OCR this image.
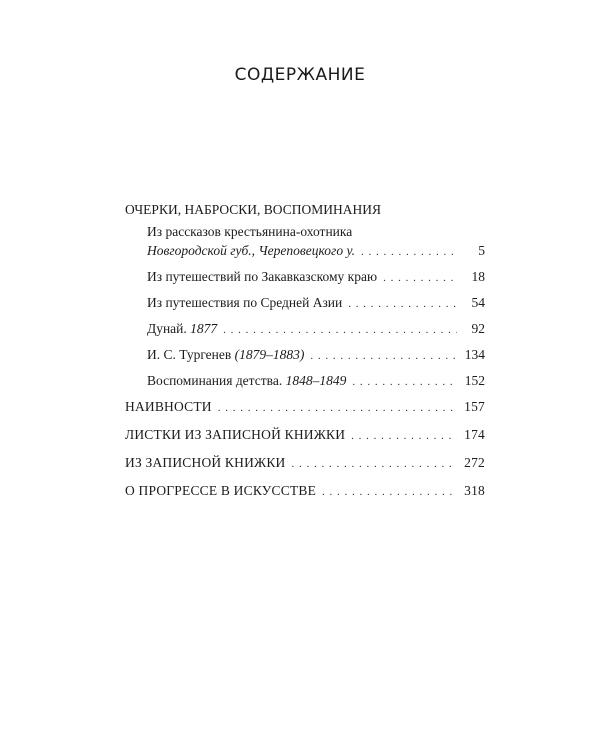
СОДЕРЖАНИЕ
ОЧЕРКИ, НАБРОСКИ, ВОСПОМИНАНИЯ
Из рассказов крестьянина-охотника
Новгородской губ., Череповецкого у. . . .	5
Из путешествий по Закавказскому краю . . .	18
Из путешествия по Средней Азии . . .	54
Дунай. 1877 . . .	92
И. С. Тургенев (1879–1883) . . .	134
Воспоминания детства. 1848–1849 . . .	152
НАИВНОСТИ . . .	157
ЛИСТКИ ИЗ ЗАПИСНОЙ КНИЖКИ . . .	174
ИЗ ЗАПИСНОЙ КНИЖКИ . . .	272
О ПРОГРЕССЕ В ИСКУССТВЕ . . .	318
